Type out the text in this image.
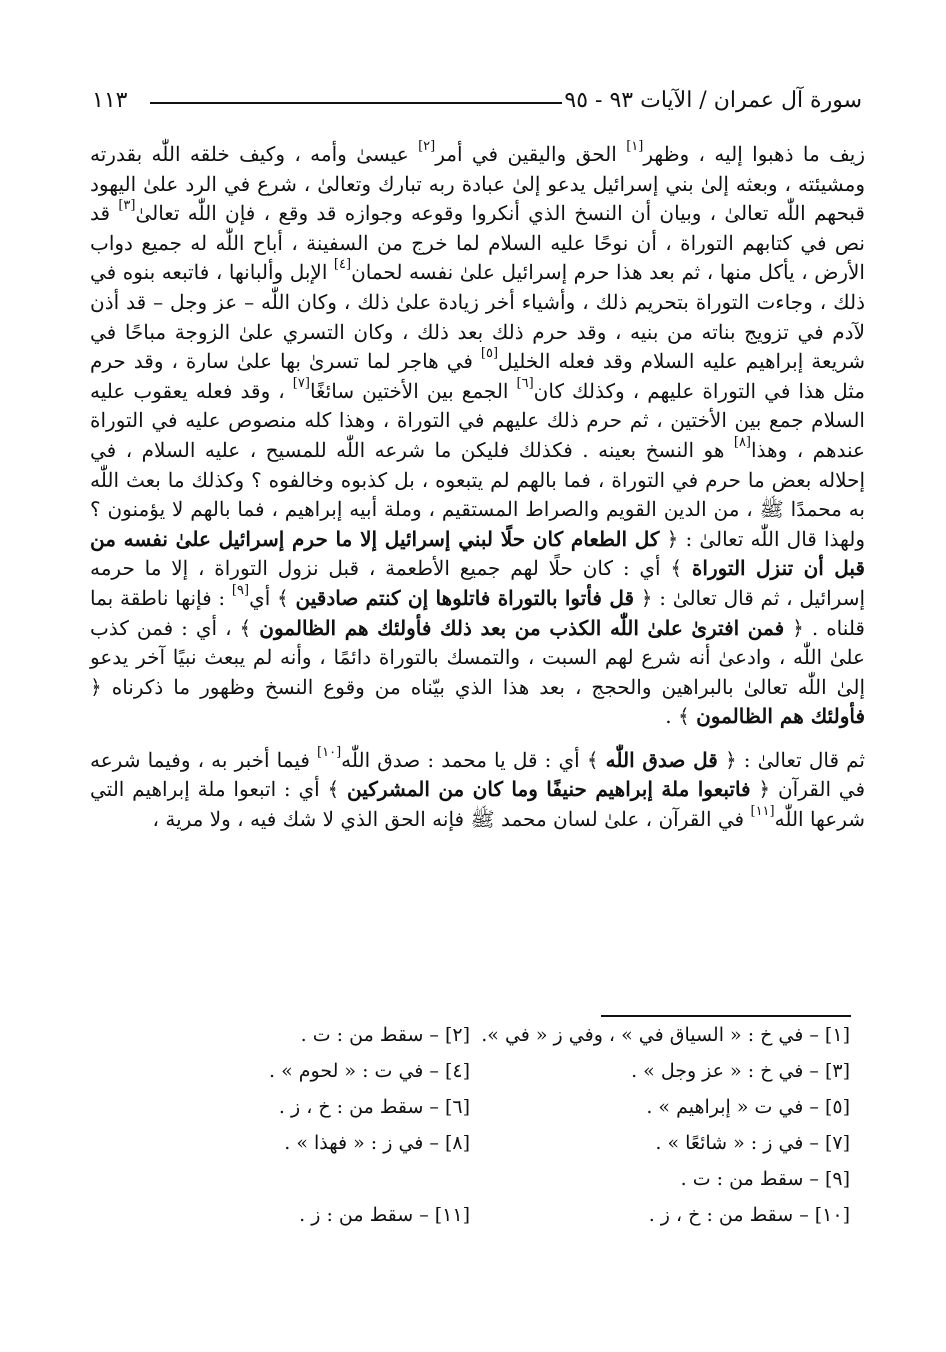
سورة آل عمران / الآيات ٩٣ - ٩٥
١١٣

زيف ما ذهبوا إليه ، وظهر[١] الحق واليقين في أمر[٢] عيسىٰ وأمه ، وكيف خلقه اللّٰه بقدرته ومشيئته ، وبعثه إلىٰ بني إسرائيل يدعو إلىٰ عبادة ربه تبارك وتعالىٰ ، شرع في الرد علىٰ اليهود قبحهم اللّٰه تعالىٰ ، وبيان أن النسخ الذي أنكروا وقوعه وجوازه قد وقع ، فإن اللّٰه تعالىٰ[٣] قد نص في كتابهم التوراة ، أن نوحًا عليه السلام لما خرج من السفينة ، أباح اللّٰه له جميع دواب الأرض ، يأكل منها ، ثم بعد هذا حرم إسرائيل علىٰ نفسه لحمان[٤] الإبل وألبانها ، فاتبعه بنوه في ذلك ، وجاءت التوراة بتحريم ذلك ، وأشياء أخر زيادة علىٰ ذلك ، وكان اللّٰه – عز وجل – قد أذن لآدم في تزويج بناته من بنيه ، وقد حرم ذلك بعد ذلك ، وكان التسري علىٰ الزوجة مباحًا في شريعة إبراهيم عليه السلام وقد فعله الخليل[٥] في هاجر لما تسرىٰ بها علىٰ سارة ، وقد حرم مثل هذا في التوراة عليهم ، وكذلك كان[٦] الجمع بين الأختين سائغًا[٧] ، وقد فعله يعقوب عليه السلام جمع بين الأختين ، ثم حرم ذلك عليهم في التوراة ، وهذا كله منصوص عليه في التوراة عندهم ، وهذا[٨] هو النسخ بعينه . فكذلك فليكن ما شرعه اللّٰه للمسيح ، عليه السلام ، في إحلاله بعض ما حرم في التوراة ، فما بالهم لم يتبعوه ، بل كذبوه وخالفوه ؟ وكذلك ما بعث اللّٰه به محمدًا ﷺ ، من الدين القويم والصراط المستقيم ، وملة أبيه إبراهيم ، فما بالهم لا يؤمنون ؟ ولهذا قال اللّٰه تعالىٰ : ﴿ كل الطعام كان حلًا لبني إسرائيل إلا ما حرم إسرائيل علىٰ نفسه من قبل أن تنزل التوراة ﴾ أي : كان حلًا لهم جميع الأطعمة ، قبل نزول التوراة ، إلا ما حرمه إسرائيل ، ثم قال تعالىٰ : ﴿ قل فأتوا بالتوراة فاتلوها إن كنتم صادقين ﴾ أي[٩] : فإنها ناطقة بما قلناه . ﴿ فمن افترىٰ علىٰ اللّٰه الكذب من بعد ذلك فأولئك هم الظالمون ﴾ ، أي : فمن كذب علىٰ اللّٰه ، وادعىٰ أنه شرع لهم السبت ، والتمسك بالتوراة دائمًا ، وأنه لم يبعث نبيًا آخر يدعو إلىٰ اللّٰه تعالىٰ بالبراهين والحجج ، بعد هذا الذي بيّناه من وقوع النسخ وظهور ما ذكرناه ﴿ فأولئك هم الظالمون ﴾ .

ثم قال تعالىٰ : ﴿ قل صدق اللّٰه ﴾ أي : قل يا محمد : صدق اللّٰه[١٠] فيما أخبر به ، وفيما شرعه في القرآن ﴿ فاتبعوا ملة إبراهيم حنيفًا وما كان من المشركين ﴾ أي : اتبعوا ملة إبراهيم التي شرعها اللّٰه[١١] في القرآن ، علىٰ لسان محمد ﷺ فإنه الحق الذي لا شك فيه ، ولا مرية ،

[١] – في خ : « السياق في » ، وفي ز « في ».
[٢] – سقط من : ت .
[٣] – في خ : « عز وجل » .
[٤] – في ت : « لحوم » .
[٥] – في ت « إبراهيم » .
[٦] – سقط من : خ ، ز .
[٧] – في ز : « شائعًا » .
[٨] – في ز : « فهذا » .
[٩] – سقط من : ت .
[١٠] – سقط من : خ ، ز .
[١١] – سقط من : ز .
